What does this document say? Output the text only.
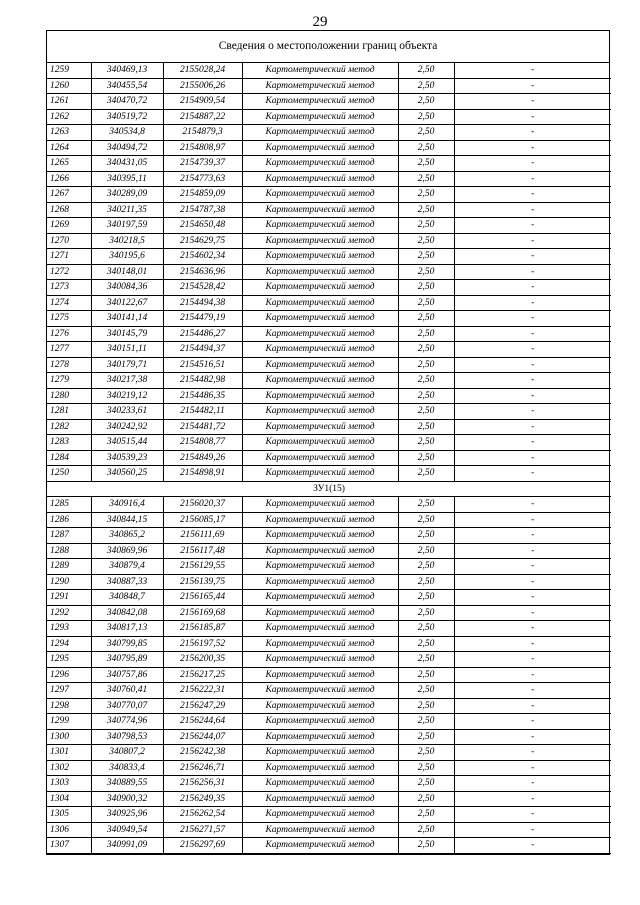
29
Сведения о местоположении границ объекта
1259	340469,13	2155028,24	Картометрический метод	2,50	-
1260	340455,54	2155006,26	Картометрический метод	2,50	-
1261	340470,72	2154909,54	Картометрический метод	2,50	-
1262	340519,72	2154887,22	Картометрический метод	2,50	-
1263	340534,8	2154879,3	Картометрический метод	2,50	-
1264	340494,72	2154808,97	Картометрический метод	2,50	-
1265	340431,05	2154739,37	Картометрический метод	2,50	-
1266	340395,11	2154773,63	Картометрический метод	2,50	-
1267	340289,09	2154859,09	Картометрический метод	2,50	-
1268	340211,35	2154787,38	Картометрический метод	2,50	-
1269	340197,59	2154650,48	Картометрический метод	2,50	-
1270	340218,5	2154629,75	Картометрический метод	2,50	-
1271	340195,6	2154602,34	Картометрический метод	2,50	-
1272	340148,01	2154636,96	Картометрический метод	2,50	-
1273	340084,36	2154528,42	Картометрический метод	2,50	-
1274	340122,67	2154494,38	Картометрический метод	2,50	-
1275	340141,14	2154479,19	Картометрический метод	2,50	-
1276	340145,79	2154486,27	Картометрический метод	2,50	-
1277	340151,11	2154494,37	Картометрический метод	2,50	-
1278	340179,71	2154516,51	Картометрический метод	2,50	-
1279	340217,38	2154482,98	Картометрический метод	2,50	-
1280	340219,12	2154486,35	Картометрический метод	2,50	-
1281	340233,61	2154482,11	Картометрический метод	2,50	-
1282	340242,92	2154481,72	Картометрический метод	2,50	-
1283	340515,44	2154808,77	Картометрический метод	2,50	-
1284	340539,23	2154849,26	Картометрический метод	2,50	-
1250	340560,25	2154898,91	Картометрический метод	2,50	-
ЗУ1(15)					
1285	340916,4	2156020,37	Картометрический метод	2,50	-
1286	340844,15	2156085,17	Картометрический метод	2,50	-
1287	340865,2	2156111,69	Картометрический метод	2,50	-
1288	340869,96	2156117,48	Картометрический метод	2,50	-
1289	340879,4	2156129,55	Картометрический метод	2,50	-
1290	340887,33	2156139,75	Картометрический метод	2,50	-
1291	340848,7	2156165,44	Картометрический метод	2,50	-
1292	340842,08	2156169,68	Картометрический метод	2,50	-
1293	340817,13	2156185,87	Картометрический метод	2,50	-
1294	340799,85	2156197,52	Картометрический метод	2,50	-
1295	340795,89	2156200,35	Картометрический метод	2,50	-
1296	340757,86	2156217,25	Картометрический метод	2,50	-
1297	340760,41	2156222,31	Картометрический метод	2,50	-
1298	340770,07	2156247,29	Картометрический метод	2,50	-
1299	340774,96	2156244,64	Картометрический метод	2,50	-
1300	340798,53	2156244,07	Картометрический метод	2,50	-
1301	340807,2	2156242,38	Картометрический метод	2,50	-
1302	340833,4	2156246,71	Картометрический метод	2,50	-
1303	340889,55	2156256,31	Картометрический метод	2,50	-
1304	340900,32	2156249,35	Картометрический метод	2,50	-
1305	340925,96	2156262,54	Картометрический метод	2,50	-
1306	340949,54	2156271,57	Картометрический метод	2,50	-
1307	340991,09	2156297,69	Картометрический метод	2,50	-
